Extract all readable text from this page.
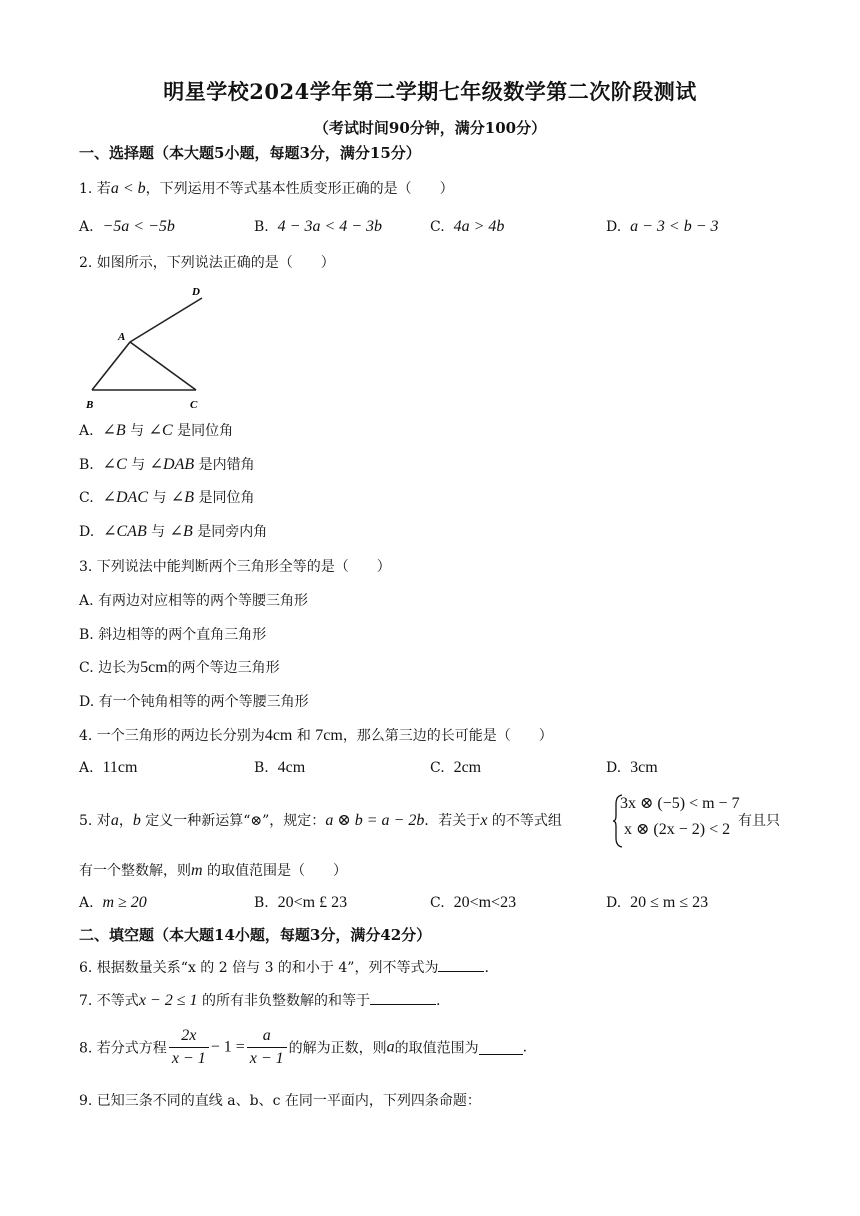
明星学校2024学年第二学期七年级数学第二次阶段测试
（考试时间90分钟，满分100分）
一、选择题（本大题5小题，每题3分，满分15分）
1. 若a < b，下列运用不等式基本性质变形正确的是（　　）
A. −5a < −5b	B. 4 − 3a < 4 − 3b	C. 4a > 4b	D. a − 3 < b − 3
2. 如图所示，下列说法正确的是（　　）
D
A
B	C
A. ∠B 与 ∠C 是同位角
B. ∠C 与 ∠DAB 是内错角
C. ∠DAC 与 ∠B 是同位角
D. ∠CAB 与 ∠B 是同旁内角
3. 下列说法中能判断两个三角形全等的是（　　）
A. 有两边对应相等的两个等腰三角形
B. 斜边相等的两个直角三角形
C. 边长为5cm的两个等边三角形
D. 有一个钝角相等的两个等腰三角形
4. 一个三角形的两边长分别为4cm 和 7cm，那么第三边的长可能是（　　）
A. 11cm	B. 4cm	C. 2cm	D. 3cm
5. 对a，b 定义一种新运算“⊗”，规定：a ⊗ b = a − 2b．若关于x 的不等式组
3x ⊗ (−5) < m − 7
x ⊗ (2x − 2) < 2 有且只
有一个整数解，则m 的取值范围是（　　）
A. m ≥ 20	B. 20<m £ 23	C. 20<m<23	D. 20 ≤ m ≤ 23
二、填空题（本大题14小题，每题3分，满分42分）
6. 根据数量关系“x 的 2 倍与 3 的和小于 4”，列不等式为	.
7. 不等式x − 2 ≤ 1 的所有非负整数解的和等于	.
8. 若分式方程 $\frac{2x}{x - 1} - 1 = \frac{a}{x - 1}$ 的解为正数，则a的取值范围为	.
9. 已知三条不同的直线 a、b、c 在同一平面内，下列四条命题：
